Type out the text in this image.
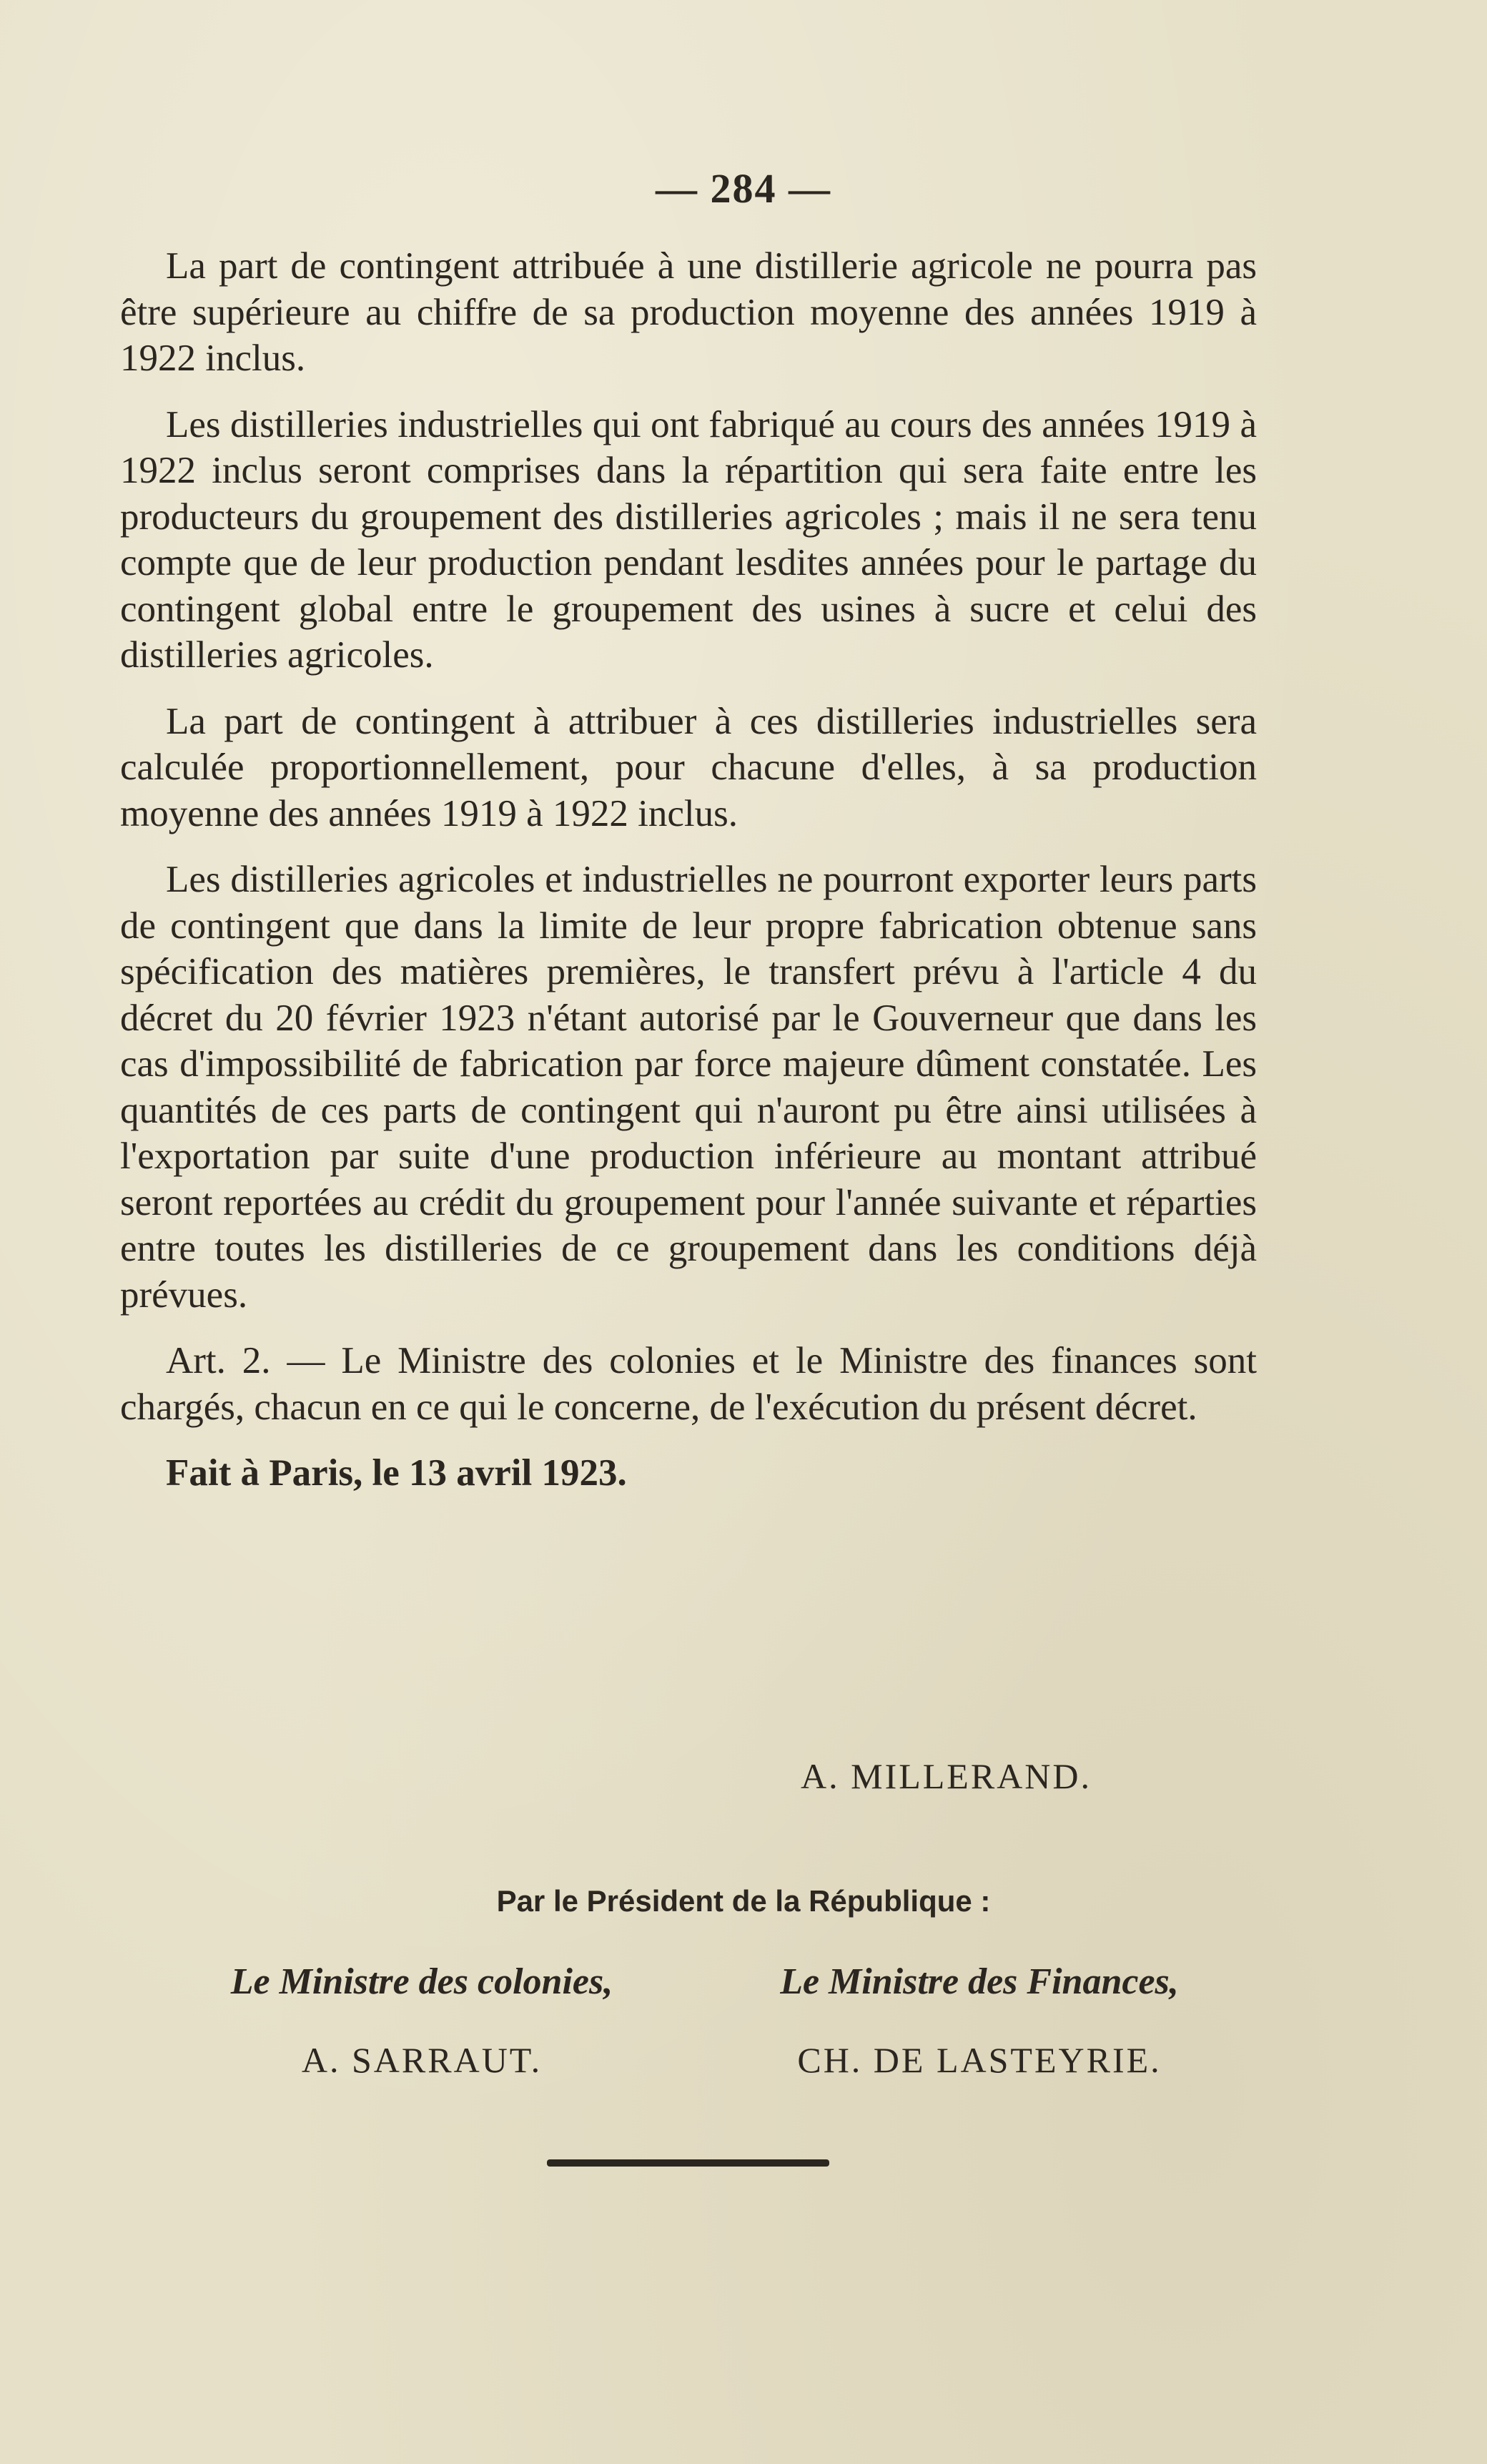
— 284 —

La part de contingent attribuée à une distillerie agricole ne pourra pas être supérieure au chiffre de sa production moyenne des années 1919 à 1922 inclus.

Les distilleries industrielles qui ont fabriqué au cours des années 1919 à 1922 inclus seront comprises dans la répartition qui sera faite entre les producteurs du groupement des distilleries agricoles ; mais il ne sera tenu compte que de leur production pendant lesdites années pour le partage du contingent global entre le groupement des usines à sucre et celui des distilleries agricoles.

La part de contingent à attribuer à ces distilleries industrielles sera calculée proportionnellement, pour chacune d'elles, à sa production moyenne des années 1919 à 1922 inclus.

Les distilleries agricoles et industrielles ne pourront exporter leurs parts de contingent que dans la limite de leur propre fabrication obtenue sans spécification des matières premières, le transfert prévu à l'article 4 du décret du 20 février 1923 n'étant autorisé par le Gouverneur que dans les cas d'impossibilité de fabrication par force majeure dûment constatée. Les quantités de ces parts de contingent qui n'auront pu être ainsi utilisées à l'exportation par suite d'une production inférieure au montant attribué seront reportées au crédit du groupement pour l'année suivante et réparties entre toutes les distilleries de ce groupement dans les conditions déjà prévues.

Art. 2. — Le Ministre des colonies et le Ministre des finances sont chargés, chacun en ce qui le concerne, de l'exécution du présent décret.

Fait à Paris, le 13 avril 1923.
A. MILLERAND.
Par le Président de la République :
Le Ministre des colonies,
A. SARRAUT.
Le Ministre des Finances,
CH. DE LASTEYRIE.
